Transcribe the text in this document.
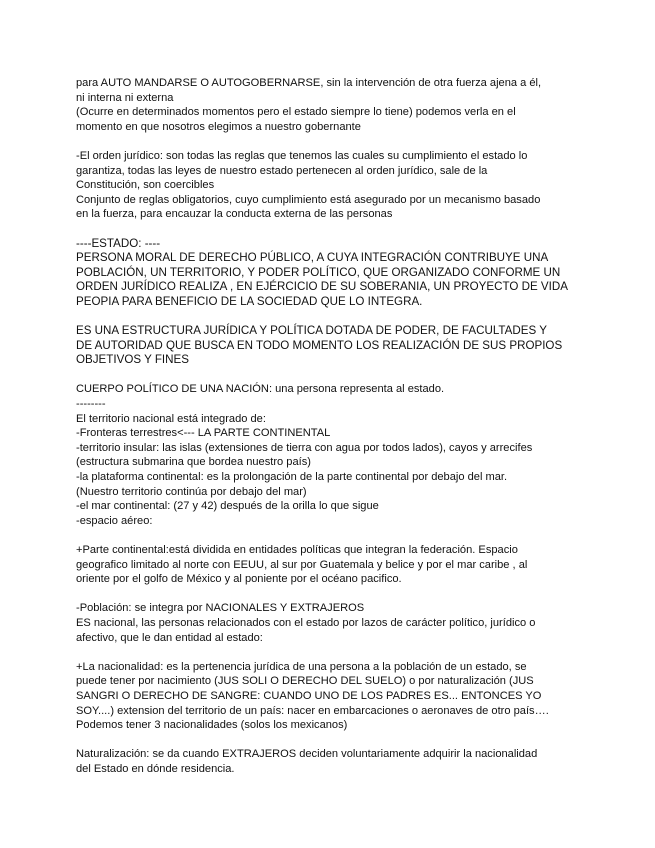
para AUTO MANDARSE O AUTOGOBERNARSE, sin la intervención de otra fuerza ajena a él,
ni interna ni externa
(Ocurre en determinados momentos pero el estado siempre lo tiene) podemos verla en el
momento en que nosotros elegimos a nuestro gobernante
-El orden jurídico: son todas las reglas que tenemos las cuales su cumplimiento el estado lo
garantiza, todas las leyes de nuestro estado pertenecen al orden jurídico, sale de la
Constitución, son coercibles
Conjunto de reglas obligatorios, cuyo cumplimiento está asegurado por un mecanismo basado
en la fuerza, para encauzar la conducta externa de las personas
----ESTADO: ----
PERSONA MORAL DE DERECHO PÚBLICO, A CUYA INTEGRACIÓN CONTRIBUYE UNA
POBLACIÓN, UN TERRITORIO, Y PODER POLÍTICO, QUE ORGANIZADO CONFORME UN
ORDEN JURÍDICO REALIZA , EN EJÉRCICIO DE SU SOBERANIA, UN PROYECTO DE VIDA
PEOPIA PARA BENEFICIO DE LA SOCIEDAD QUE LO INTEGRA.
ES UNA ESTRUCTURA JURÍDICA Y POLÍTICA DOTADA DE PODER, DE FACULTADES Y
DE AUTORIDAD QUE BUSCA EN TODO MOMENTO LOS REALIZACIÓN DE SUS PROPIOS
OBJETIVOS Y FINES
CUERPO POLÍTICO DE UNA NACIÓN: una persona representa al estado.
--------
El territorio nacional está integrado de:
-Fronteras terrestres<--- LA PARTE CONTINENTAL
-territorio insular: las islas (extensiones de tierra con agua por todos lados), cayos y arrecifes
(estructura submarina que bordea nuestro país)
-la plataforma continental: es la prolongación de la parte continental por debajo del mar.
(Nuestro territorio continúa por debajo del mar)
-el mar continental: (27 y 42) después de la orilla lo que sigue
-espacio aéreo:
+Parte continental:está dividida en entidades políticas que integran la federación. Espacio
geografico limitado al norte con EEUU, al sur por Guatemala y belice y por el mar caribe , al
oriente por el golfo de México y al poniente por el océano pacifico.
-Población: se integra por NACIONALES Y EXTRAJEROS
ES nacional, las personas relacionados con el estado por lazos de carácter político, jurídico o
afectivo, que le dan entidad al estado:
+La nacionalidad: es la pertenencia jurídica de una persona a la población de un estado, se
puede tener por nacimiento (JUS SOLI O DERECHO DEL SUELO) o por naturalización (JUS
SANGRI O DERECHO DE SANGRE: CUANDO UNO DE LOS PADRES ES... ENTONCES YO
SOY....) extension del territorio de un país: nacer en embarcaciones o aeronaves de otro país….
Podemos tener 3 nacionalidades (solos los mexicanos)
Naturalización: se da cuando EXTRAJEROS deciden voluntariamente adquirir la nacionalidad
del Estado en dónde residencia.
